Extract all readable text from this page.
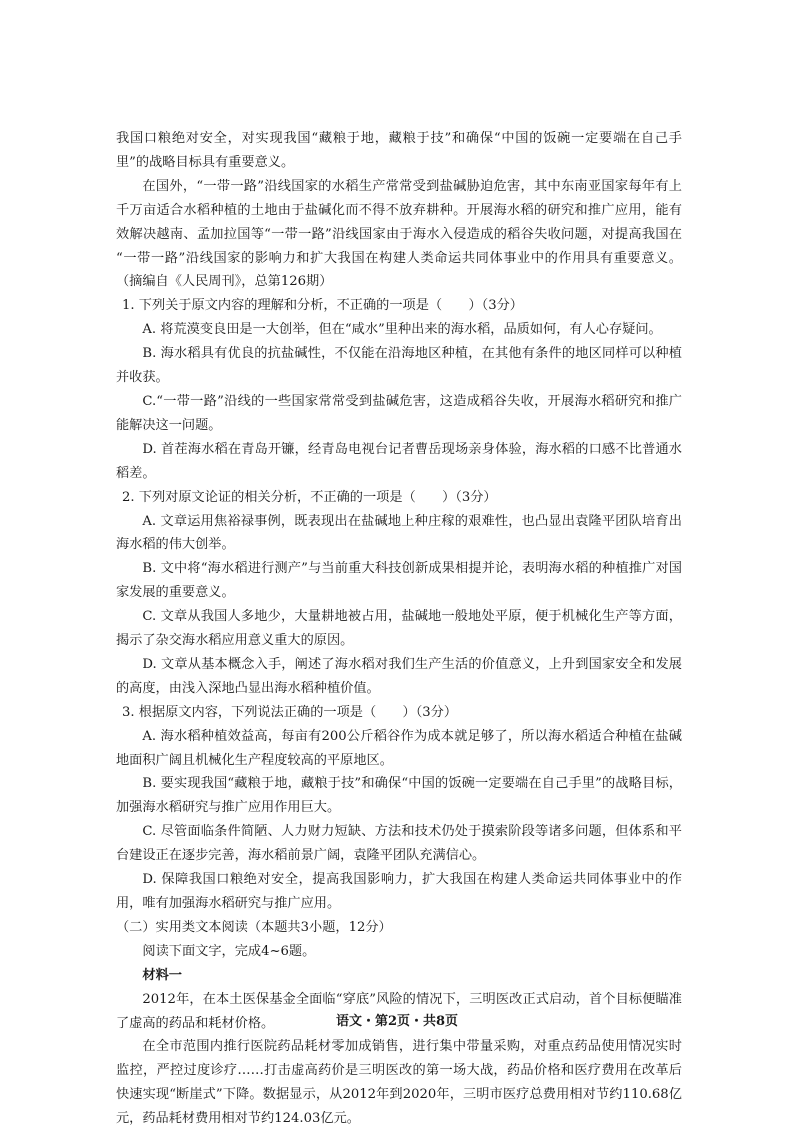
我国口粮绝对安全，对实现我国“藏粮于地，藏粮于技”和确保“中国的饭碗一定要端在自己手里”的战略目标具有重要意义。

在国外，“一带一路”沿线国家的水稻生产常常受到盐碱胁迫危害，其中东南亚国家每年有上千万亩适合水稻种植的土地由于盐碱化而不得不放弃耕种。开展海水稻的研究和推广应用，能有效解决越南、孟加拉国等“一带一路”沿线国家由于海水入侵造成的稻谷失收问题，对提高我国在 “一带一路”沿线国家的影响力和扩大我国在构建人类命运共同体事业中的作用具有重要意义。 （摘编自《人民周刊》，总第126期）

1. 下列关于原文内容的理解和分析，不正确的一项是（　　）（3分）

A. 将荒漠变良田是一大创举，但在“咸水”里种出来的海水稻，品质如何，有人心存疑问。

B. 海水稻具有优良的抗盐碱性，不仅能在沿海地区种植，在其他有条件的地区同样可以种植并收获。

C.“一带一路”沿线的一些国家常常受到盐碱危害，这造成稻谷失收，开展海水稻研究和推广能解决这一问题。

D. 首茬海水稻在青岛开镰，经青岛电视台记者曹岳现场亲身体验，海水稻的口感不比普通水稻差。

2. 下列对原文论证的相关分析，不正确的一项是（　　）（3分）

A. 文章运用焦裕禄事例，既表现出在盐碱地上种庄稼的艰难性，也凸显出袁隆平团队培育出海水稻的伟大创举。

B. 文中将“海水稻进行测产”与当前重大科技创新成果相提并论，表明海水稻的种植推广对国家发展的重要意义。

C. 文章从我国人多地少，大量耕地被占用，盐碱地一般地处平原，便于机械化生产等方面，揭示了杂交海水稻应用意义重大的原因。

D. 文章从基本概念入手，阐述了海水稻对我们生产生活的价值意义，上升到国家安全和发展的高度，由浅入深地凸显出海水稻种植价值。

3. 根据原文内容，下列说法正确的一项是（　　）（3分）

A. 海水稻种植效益高，每亩有200公斤稻谷作为成本就足够了，所以海水稻适合种植在盐碱地面积广阔且机械化生产程度较高的平原地区。

B. 要实现我国“藏粮于地，藏粮于技”和确保“中国的饭碗一定要端在自己手里”的战略目标，加强海水稻研究与推广应用作用巨大。

C. 尽管面临条件简陋、人力财力短缺、方法和技术仍处于摸索阶段等诸多问题，但体系和平台建设正在逐步完善，海水稻前景广阔，袁隆平团队充满信心。

D. 保障我国口粮绝对安全，提高我国影响力，扩大我国在构建人类命运共同体事业中的作用，唯有加强海水稻研究与推广应用。

（二）实用类文本阅读（本题共3小题，12分）

阅读下面文字，完成4~6题。

材料一

2012年，在本土医保基金全面临“穿底”风险的情况下，三明医改正式启动，首个目标便瞄准了虚高的药品和耗材价格。

在全市范围内推行医院药品耗材零加成销售，进行集中带量采购，对重点药品使用情况实时监控，严控过度诊疗……打击虚高药价是三明医改的第一场大战，药品价格和医疗费用在改革后快速实现“断崖式”下降。数据显示，从2012年到2020年，三明市医疗总费用相对节约110.68亿元，药品耗材费用相对节约124.03亿元。

语文・第2页・共8页
